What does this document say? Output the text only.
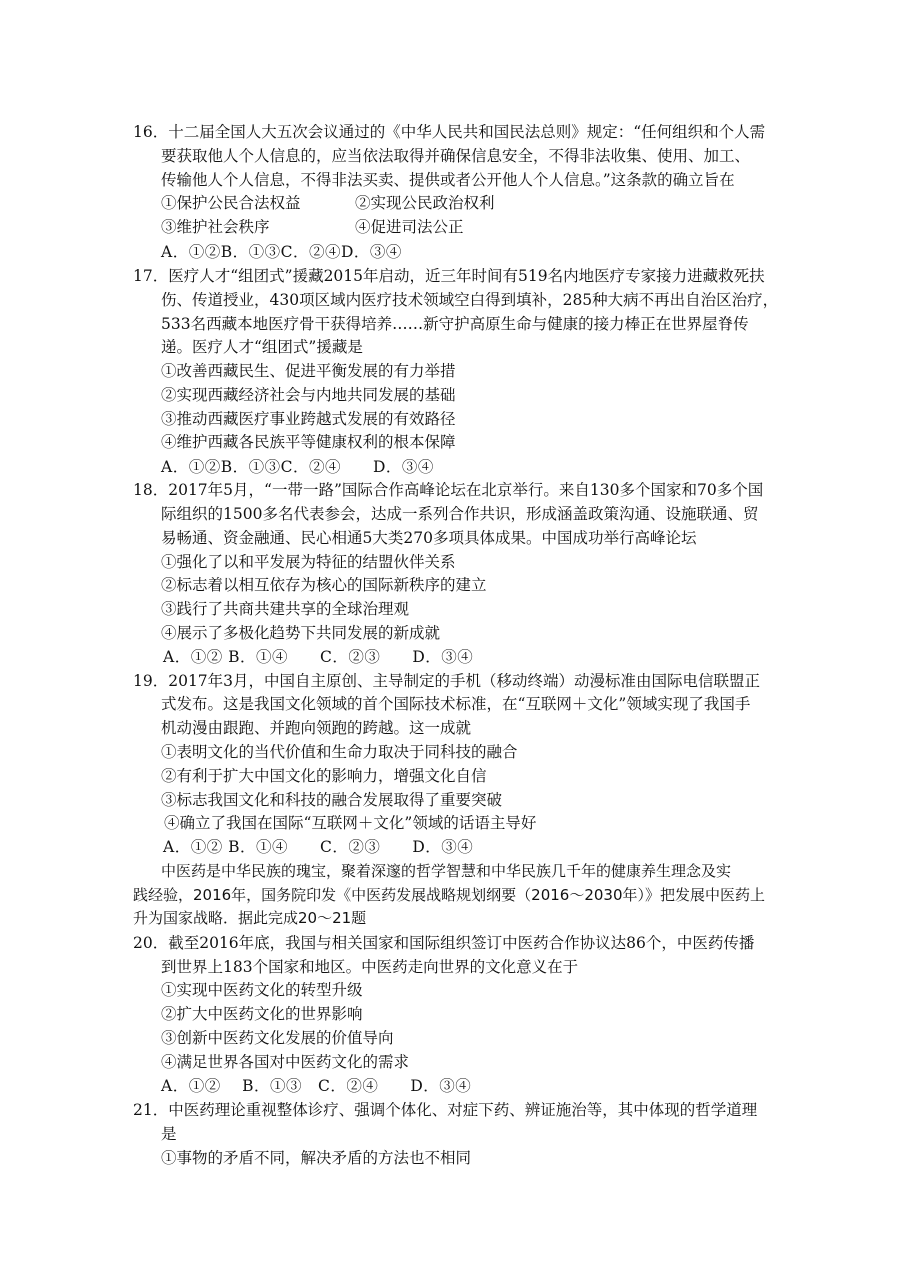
16．十二届全国人大五次会议通过的《中华人民共和国民法总则》规定：“任何组织和个人需
要获取他人个人信息的，应当依法取得并确保信息安全，不得非法收集、使用、加工、
传输他人个人信息，不得非法买卖、提供或者公开他人个人信息。”这条款的确立旨在
①保护公民合法权益	②实现公民政治权利
③维护社会秩序	④促进司法公正
A．①②B．①③C．②④D．③④
17．医疗人才“组团式”援藏2015年启动，近三年时间有519名内地医疗专家接力进藏救死扶
伤、传道授业，430项区域内医疗技术领域空白得到填补，285种大病不再出自治区治疗，
533名西藏本地医疗骨干获得培养……新守护高原生命与健康的接力棒正在世界屋脊传
递。医疗人才“组团式”援藏是
①改善西藏民生、促进平衡发展的有力举措
②实现西藏经济社会与内地共同发展的基础
③推动西藏医疗事业跨越式发展的有效路径
④维护西藏各民族平等健康权利的根本保障
A．①②B．①③C．②④　　D．③④
18．2017年5月，“一带一路”国际合作高峰论坛在北京举行。来自130多个国家和70多个国
际组织的1500多名代表参会，达成一系列合作共识，形成涵盖政策沟通、设施联通、贸
易畅通、资金融通、民心相通5大类270多项具体成果。中国成功举行高峰论坛
①强化了以和平发展为特征的结盟伙伴关系
②标志着以相互依存为核心的国际新秩序的建立
③践行了共商共建共享的全球治理观
④展示了多极化趋势下共同发展的新成就
A．①② B．①④　　C．②③　　D．③④
19．2017年3月，中国自主原创、主导制定的手机（移动终端）动漫标准由国际电信联盟正
式发布。这是我国文化领域的首个国际技术标准，在“互联网＋文化”领域实现了我国手
机动漫由跟跑、并跑向领跑的跨越。这一成就
①表明文化的当代价值和生命力取决于同科技的融合
②有利于扩大中国文化的影响力，增强文化自信
③标志我国文化和科技的融合发展取得了重要突破
④确立了我国在国际“互联网＋文化”领域的话语主导好
A．①② B．①④　　C．②③　　D．③④
中医药是中华民族的瑰宝，聚着深邃的哲学智慧和中华民族几千年的健康养生理念及实
践经验，2016年，国务院印发《中医药发展战略规划纲要（2016～2030年）》把发展中医药上
升为国家战略．据此完成20～21题
20．截至2016年底，我国与相关国家和国际组织签订中医药合作协议达86个，中医药传播
到世界上183个国家和地区。中医药走向世界的文化意义在于
①实现中医药文化的转型升级
②扩大中医药文化的世界影响
③创新中医药文化发展的价值导向
④满足世界各国对中医药文化的需求
A．①②　 B．①③　C．②④　　D．③④
21．中医药理论重视整体诊疗、强调个体化、对症下药、辨证施治等，其中体现的哲学道理
是
①事物的矛盾不同，解决矛盾的方法也不相同
